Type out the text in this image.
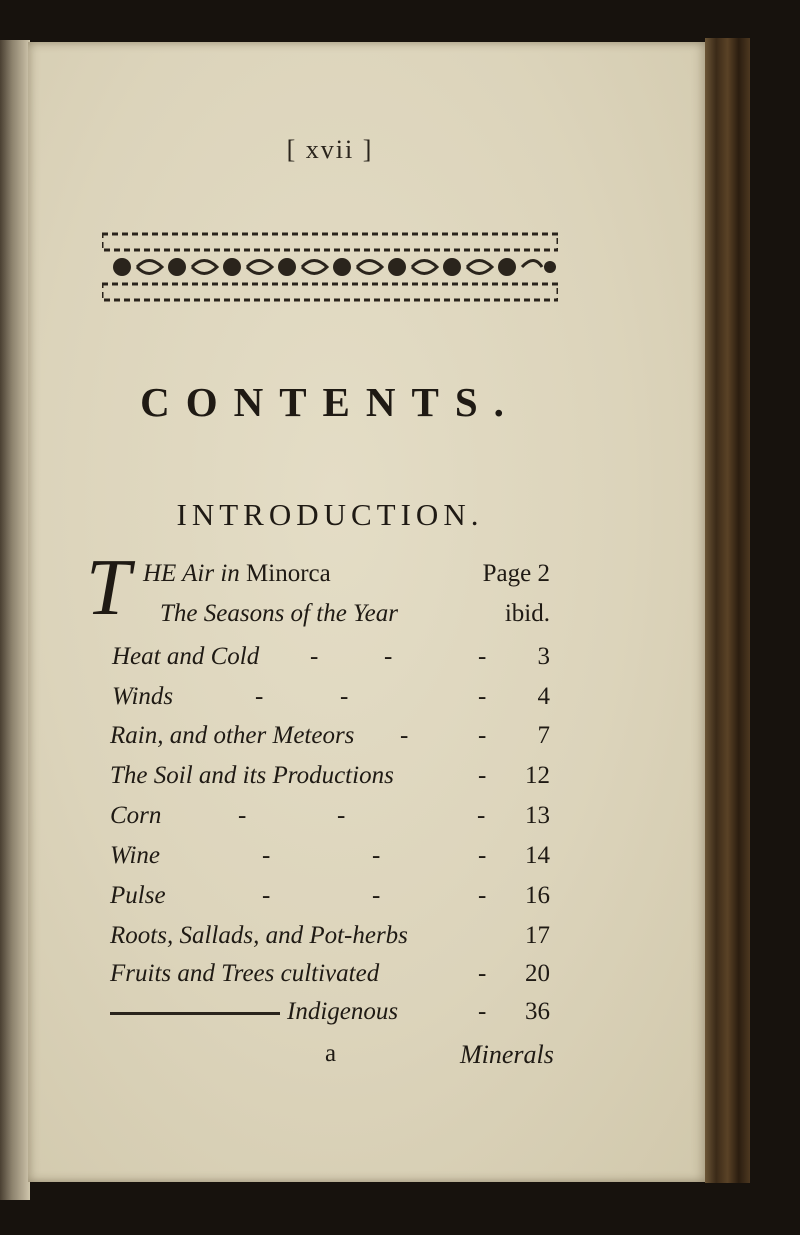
[ xvii ]
CONTENTS.
INTRODUCTION.
T HE Air in Minorca	Page 2
The Seasons of the Year	ibid.
Heat and Cold -	-	- 3
Winds	-	-	- 4
Rain, and other Meteors -	- 7
The Soil and its Productions	- 12
Corn	-	-	- 13
Wine	-	-	- 14
Pulse	-	-	- 16
Roots, Sallads, and Pot-herbs	17
Fruits and Trees cultivated	- 20
Indigenous	- 36
a	Minerals
